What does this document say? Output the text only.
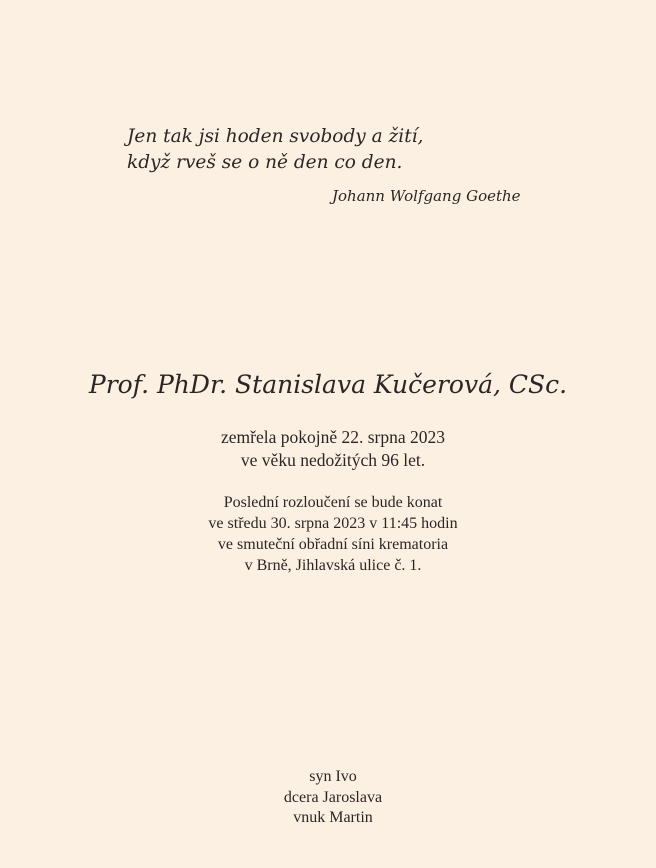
Jen tak jsi hoden svobody a žití,
když rveš se o ně den co den.
Johann Wolfgang Goethe
Prof. PhDr. Stanislava Kučerová, CSc.
zemřela pokojně 22. srpna 2023
ve věku nedožitých 96 let.
Poslední rozloučení se bude konat
ve středu 30. srpna 2023 v 11:45 hodin
ve smuteční obřadní síni krematoria
v Brně, Jihlavská ulice č. 1.
syn Ivo
dcera Jaroslava
vnuk Martin
